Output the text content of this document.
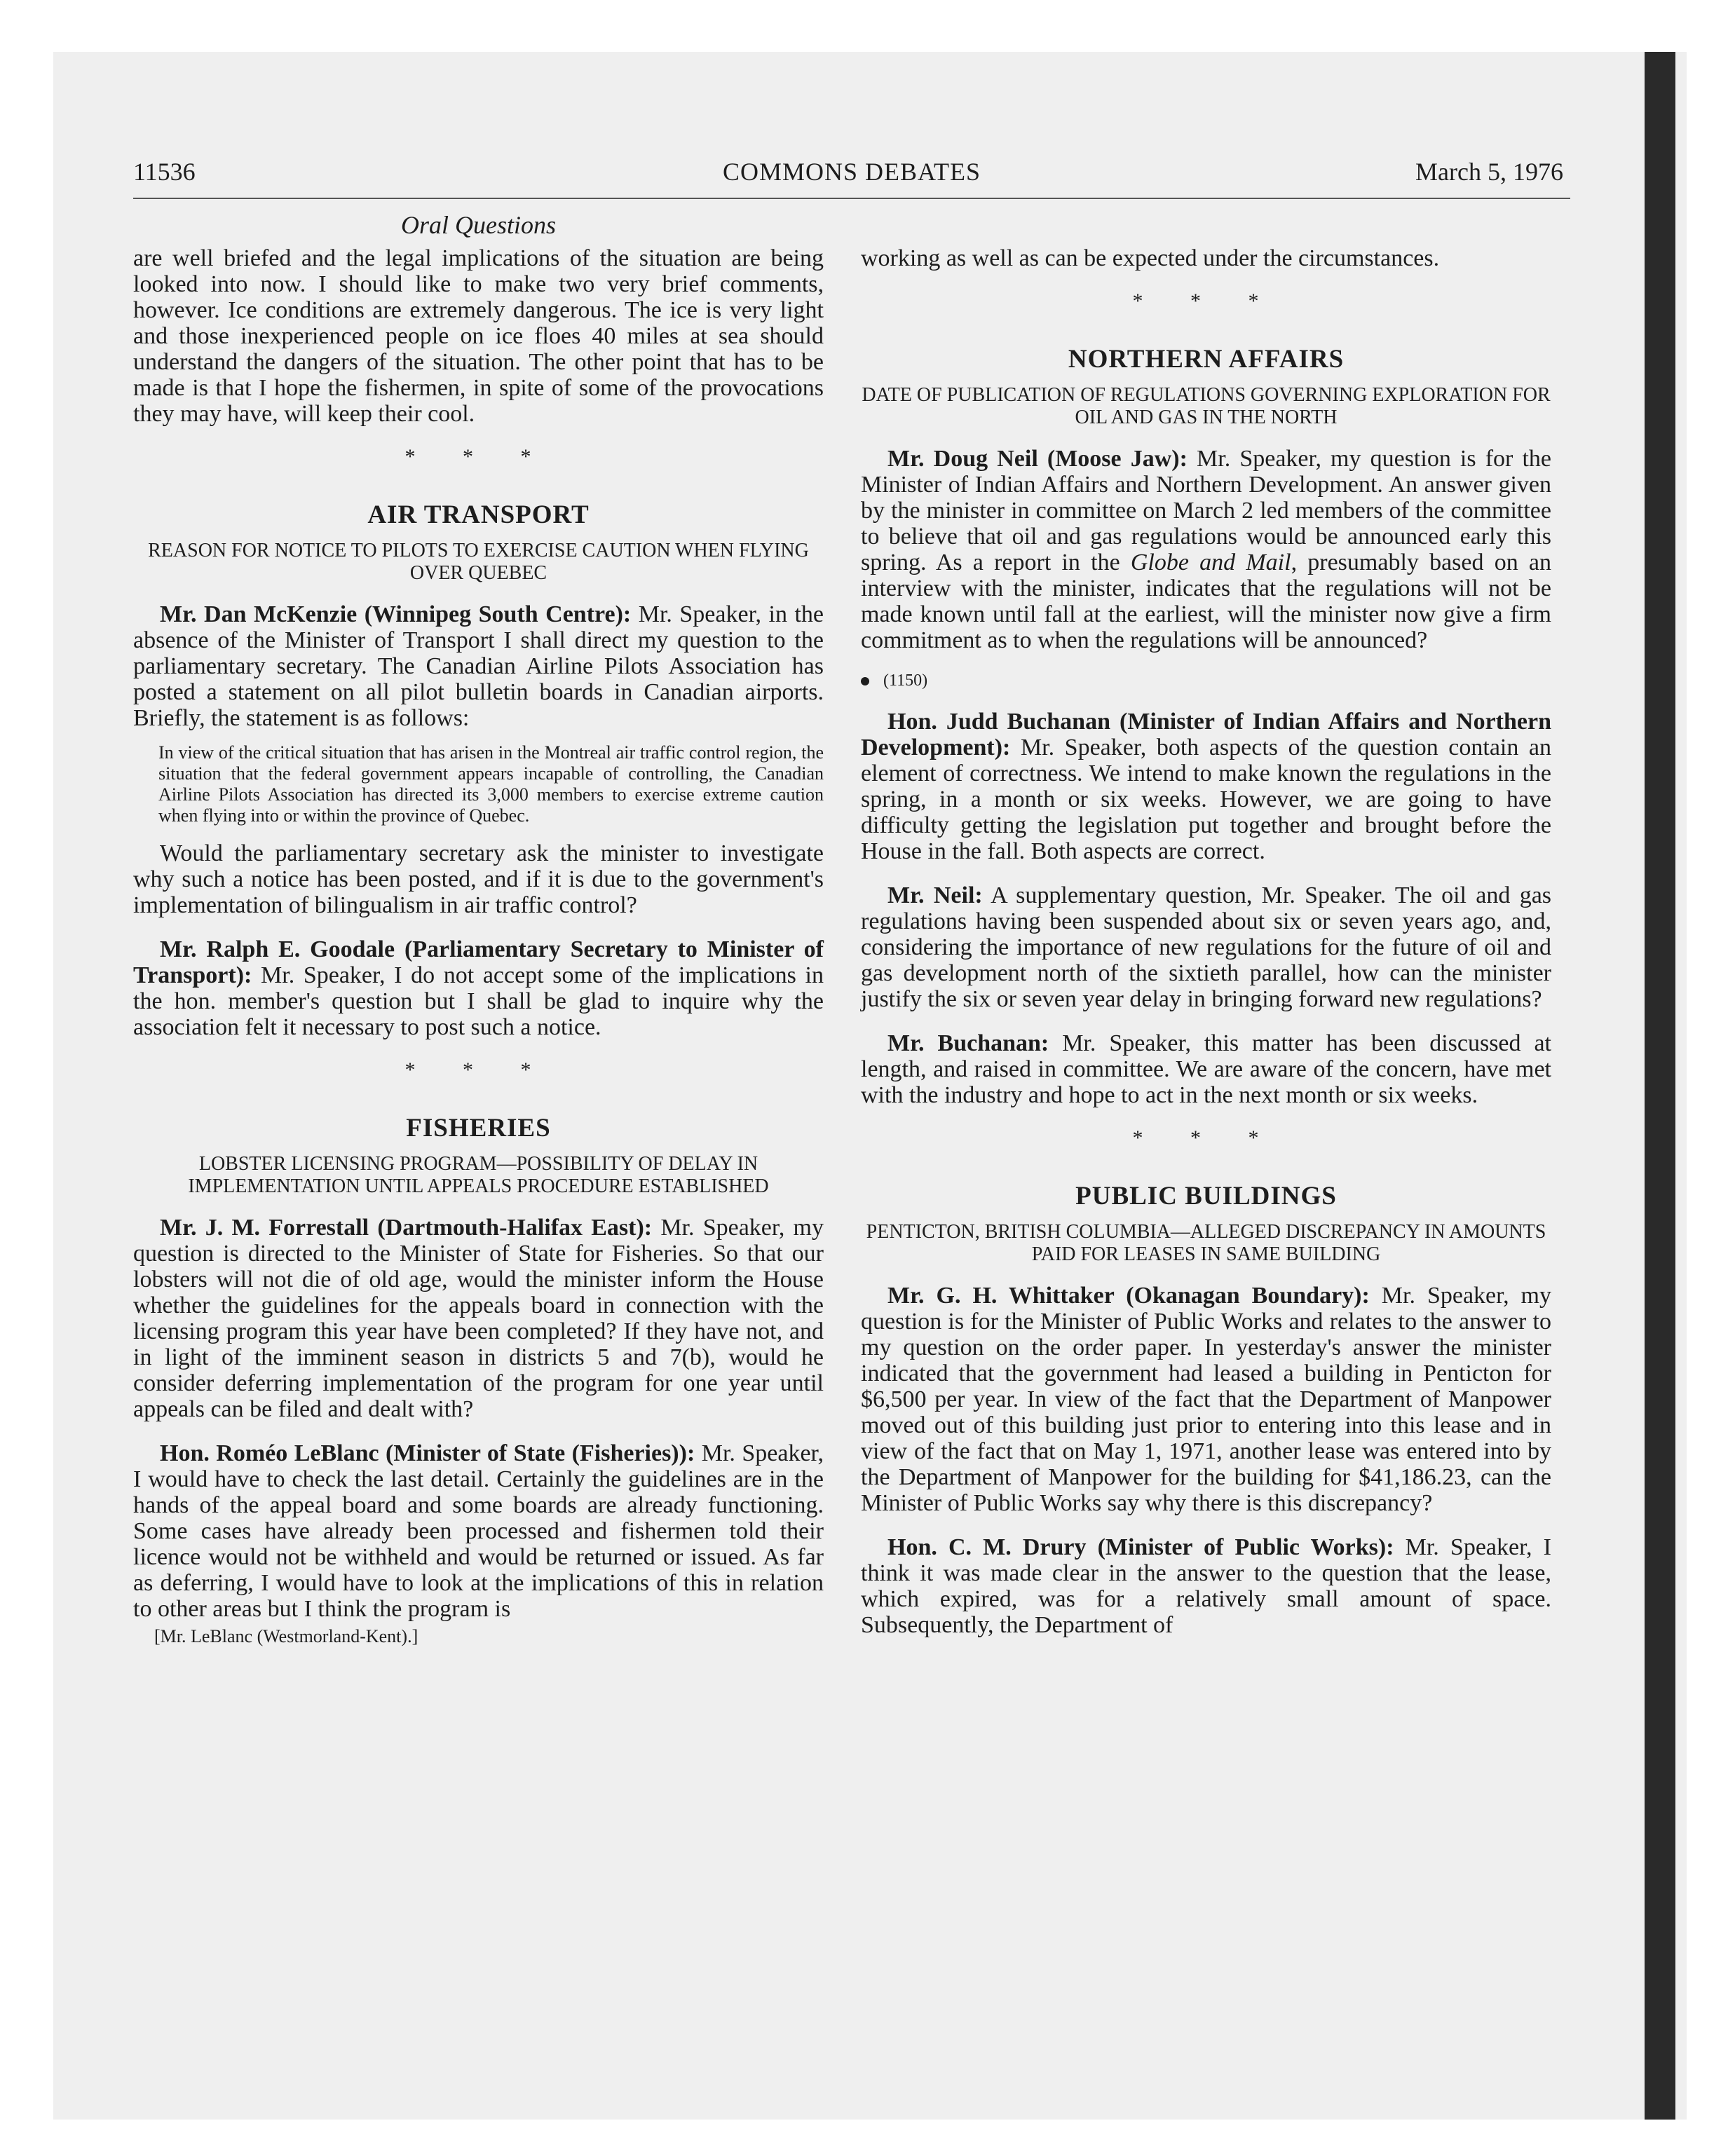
11536	COMMONS DEBATES	March 5, 1976
Oral Questions

are well briefed and the legal implications of the situation are being looked into now. I should like to make two very brief comments, however. Ice conditions are extremely dangerous. The ice is very light and those inexperienced people on ice floes 40 miles at sea should understand the dangers of the situation. The other point that has to be made is that I hope the fishermen, in spite of some of the provocations they may have, will keep their cool.

* * *
AIR TRANSPORT
REASON FOR NOTICE TO PILOTS TO EXERCISE CAUTION WHEN FLYING OVER QUEBEC

Mr. Dan McKenzie (Winnipeg South Centre): Mr. Speaker, in the absence of the Minister of Transport I shall direct my question to the parliamentary secretary. The Canadian Airline Pilots Association has posted a statement on all pilot bulletin boards in Canadian airports. Briefly, the statement is as follows:

In view of the critical situation that has arisen in the Montreal air traffic control region, the situation that the federal government appears incapable of controlling, the Canadian Airline Pilots Association has directed its 3,000 members to exercise extreme caution when flying into or within the province of Quebec.

Would the parliamentary secretary ask the minister to investigate why such a notice has been posted, and if it is due to the government's implementation of bilingualism in air traffic control?

Mr. Ralph E. Goodale (Parliamentary Secretary to Minister of Transport): Mr. Speaker, I do not accept some of the implications in the hon. member's question but I shall be glad to inquire why the association felt it necessary to post such a notice.

* * *
FISHERIES
LOBSTER LICENSING PROGRAM—POSSIBILITY OF DELAY IN IMPLEMENTATION UNTIL APPEALS PROCEDURE ESTABLISHED

Mr. J. M. Forrestall (Dartmouth-Halifax East): Mr. Speaker, my question is directed to the Minister of State for Fisheries. So that our lobsters will not die of old age, would the minister inform the House whether the guidelines for the appeals board in connection with the licensing program this year have been completed? If they have not, and in light of the imminent season in districts 5 and 7(b), would he consider deferring implementation of the program for one year until appeals can be filed and dealt with?

Hon. Roméo LeBlanc (Minister of State (Fisheries)): Mr. Speaker, I would have to check the last detail. Certainly the guidelines are in the hands of the appeal board and some boards are already functioning. Some cases have already been processed and fishermen told their licence would not be withheld and would be returned or issued. As far as deferring, I would have to look at the implications of this in relation to other areas but I think the program is

[Mr. LeBlanc (Westmorland-Kent).]

working as well as can be expected under the circumstances.

* * *
NORTHERN AFFAIRS
DATE OF PUBLICATION OF REGULATIONS GOVERNING EXPLORATION FOR OIL AND GAS IN THE NORTH

Mr. Doug Neil (Moose Jaw): Mr. Speaker, my question is for the Minister of Indian Affairs and Northern Development. An answer given by the minister in committee on March 2 led members of the committee to believe that oil and gas regulations would be announced early this spring. As a report in the Globe and Mail, presumably based on an interview with the minister, indicates that the regulations will not be made known until fall at the earliest, will the minister now give a firm commitment as to when the regulations will be announced?

(1150)

Hon. Judd Buchanan (Minister of Indian Affairs and Northern Development): Mr. Speaker, both aspects of the question contain an element of correctness. We intend to make known the regulations in the spring, in a month or six weeks. However, we are going to have difficulty getting the legislation put together and brought before the House in the fall. Both aspects are correct.

Mr. Neil: A supplementary question, Mr. Speaker. The oil and gas regulations having been suspended about six or seven years ago, and, considering the importance of new regulations for the future of oil and gas development north of the sixtieth parallel, how can the minister justify the six or seven year delay in bringing forward new regulations?

Mr. Buchanan: Mr. Speaker, this matter has been discussed at length, and raised in committee. We are aware of the concern, have met with the industry and hope to act in the next month or six weeks.

* * *
PUBLIC BUILDINGS
PENTICTON, BRITISH COLUMBIA—ALLEGED DISCREPANCY IN AMOUNTS PAID FOR LEASES IN SAME BUILDING

Mr. G. H. Whittaker (Okanagan Boundary): Mr. Speaker, my question is for the Minister of Public Works and relates to the answer to my question on the order paper. In yesterday's answer the minister indicated that the government had leased a building in Penticton for $6,500 per year. In view of the fact that the Department of Manpower moved out of this building just prior to entering into this lease and in view of the fact that on May 1, 1971, another lease was entered into by the Department of Manpower for the building for $41,186.23, can the Minister of Public Works say why there is this discrepancy?

Hon. C. M. Drury (Minister of Public Works): Mr. Speaker, I think it was made clear in the answer to the question that the lease, which expired, was for a relatively small amount of space. Subsequently, the Department of
